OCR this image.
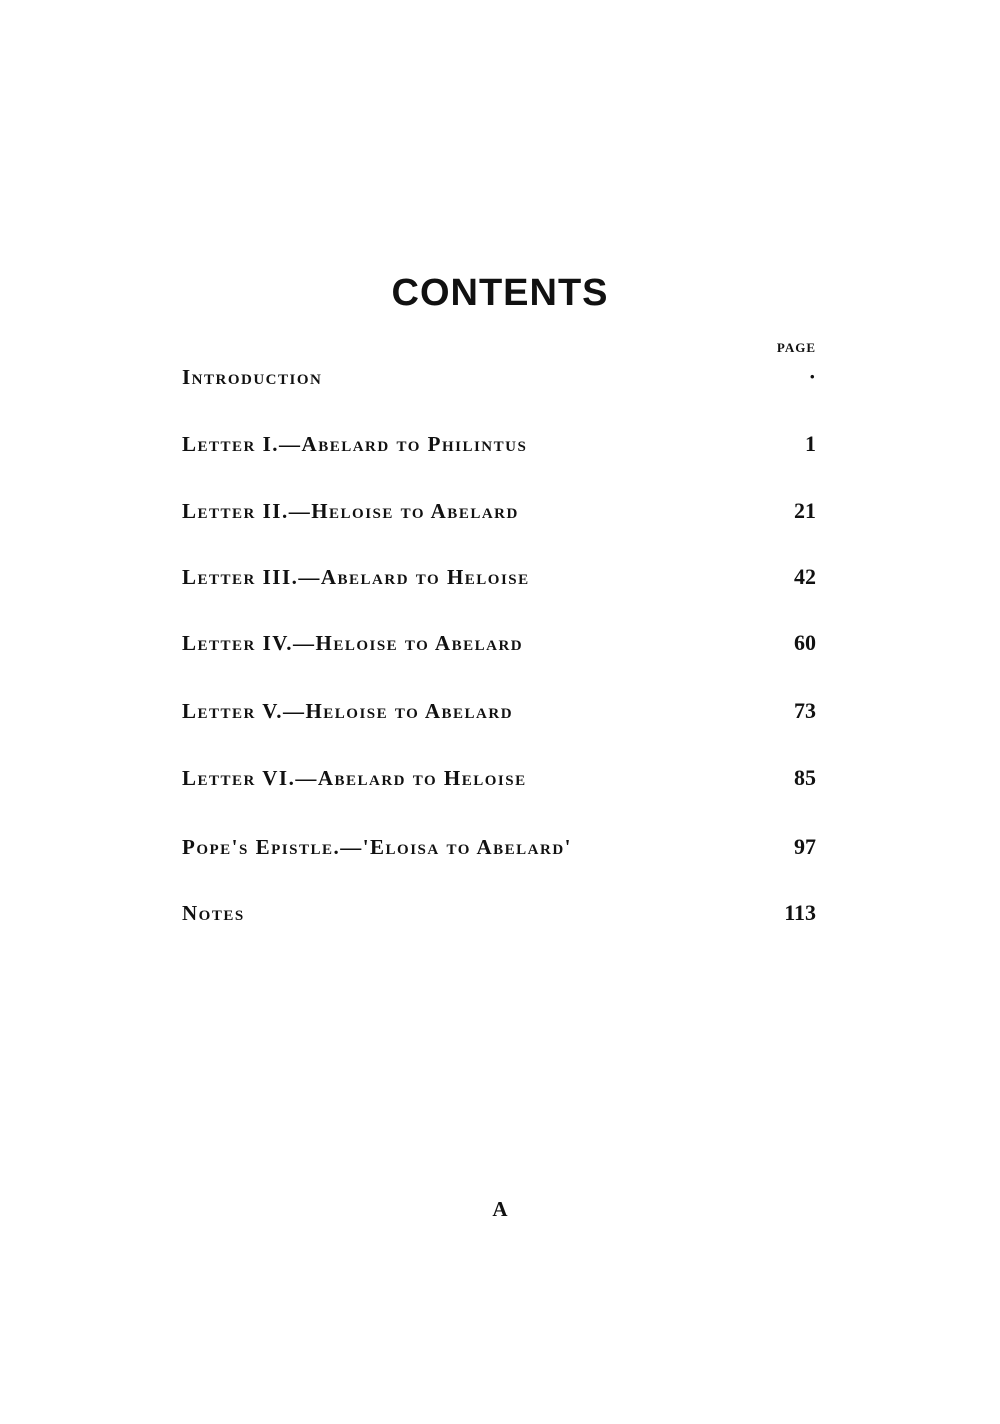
CONTENTS
PAGE
Introduction	·
Letter I.—Abelard to Philintus	1
Letter II.—Heloise to Abelard	21
Letter III.—Abelard to Heloise	42
Letter IV.—Heloise to Abelard	60
Letter V.—Heloise to Abelard	73
Letter VI.—Abelard to Heloise	85
Pope's Epistle.—'Eloisa to Abelard'	97
Notes	113
A
